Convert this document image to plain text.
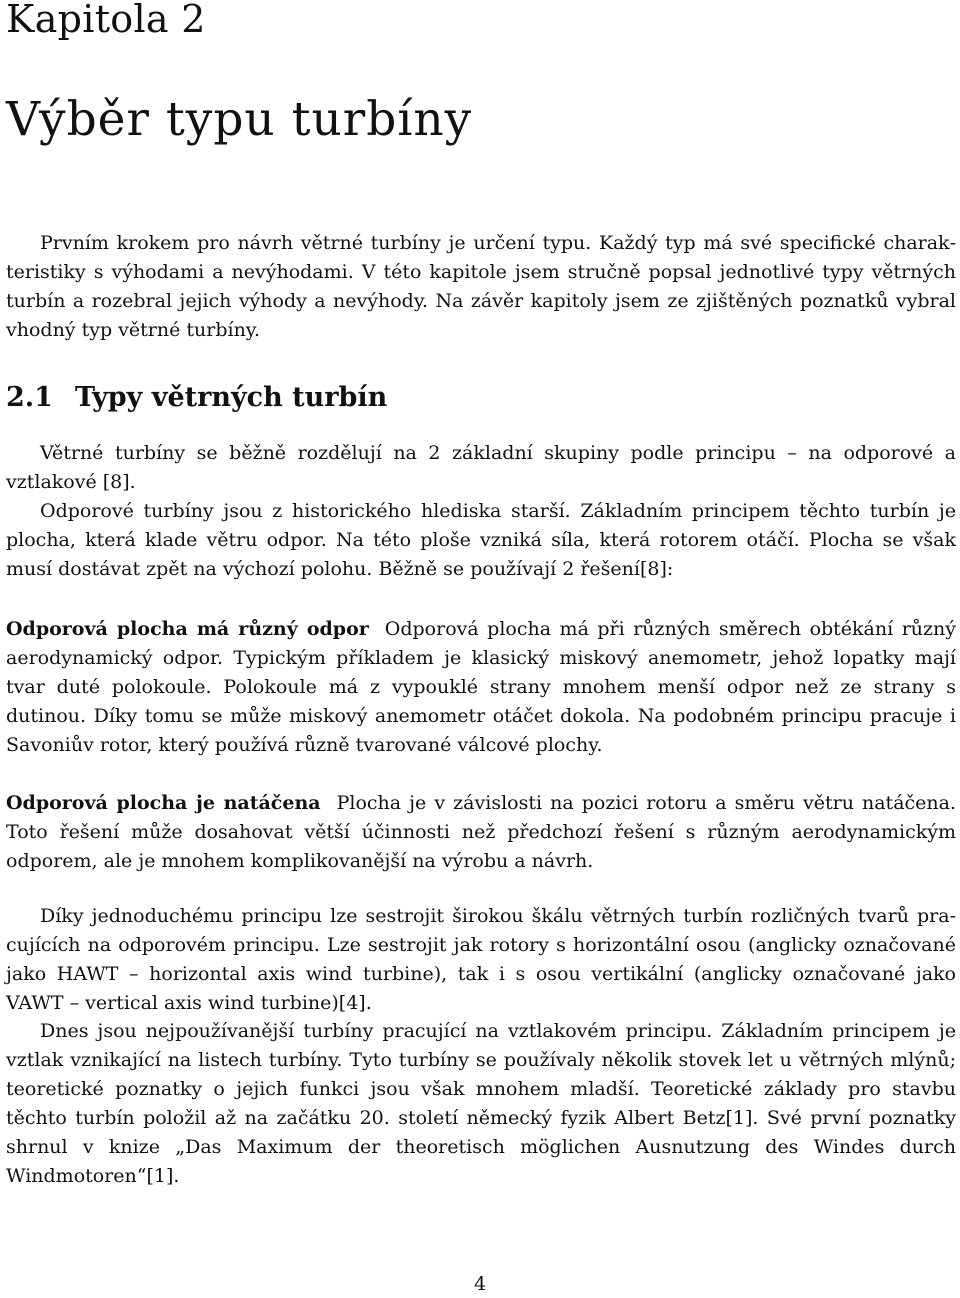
Kapitola 2
Výběr typu turbíny

Prvním krokem pro návrh větrné turbíny je určení typu. Každý typ má své specifické charakteristiky s výhodami a nevýhodami. V této kapitole jsem stručně popsal jednotlivé typy větrných turbín a rozebral jejich výhody a nevýhody. Na závěr kapitoly jsem ze zjištěných poznatků vybral vhodný typ větrné turbíny.

2.1 Typy větrných turbín

Větrné turbíny se běžně rozdělují na 2 základní skupiny podle principu – na odporové a vztlakové [8].

Odporové turbíny jsou z historického hlediska starší. Základním principem těchto turbín je plocha, která klade větru odpor. Na této ploše vzniká síla, která rotorem otáčí. Plocha se však musí dostávat zpět na výchozí polohu. Běžně se používají 2 řešení[8]:

Odporová plocha má různý odpor Odporová plocha má při různých směrech obtékání různý aerodynamický odpor. Typickým příkladem je klasický miskový anemometr, jehož lopatky mají tvar duté polokoule. Polokoule má z vypouklé strany mnohem menší odpor než ze strany s dutinou. Díky tomu se může miskový anemometr otáčet dokola. Na podobném principu pracuje i Savoniův rotor, který používá různě tvarované válcové plochy.

Odporová plocha je natáčena Plocha je v závislosti na pozici rotoru a směru větru natáčena. Toto řešení může dosahovat větší účinnosti než předchozí řešení s různým aerodynamickým odporem, ale je mnohem komplikovanější na výrobu a návrh.

Díky jednoduchému principu lze sestrojit širokou škálu větrných turbín rozličných tvarů pracujících na odporovém principu. Lze sestrojit jak rotory s horizontální osou (anglicky označované jako HAWT – horizontal axis wind turbine), tak i s osou vertikální (anglicky označované jako VAWT – vertical axis wind turbine)[4].

Dnes jsou nejpoužívanější turbíny pracující na vztlakovém principu. Základním principem je vztlak vznikající na listech turbíny. Tyto turbíny se používaly několik stovek let u větrných mlýnů; teoretické poznatky o jejich funkci jsou však mnohem mladší. Teoretické základy pro stavbu těchto turbín položil až na začátku 20. století německý fyzik Albert Betz[1]. Své první poznatky shrnul v knize „Das Maximum der theoretisch möglichen Ausnutzung des Windes durch Windmotoren“[1].

4
